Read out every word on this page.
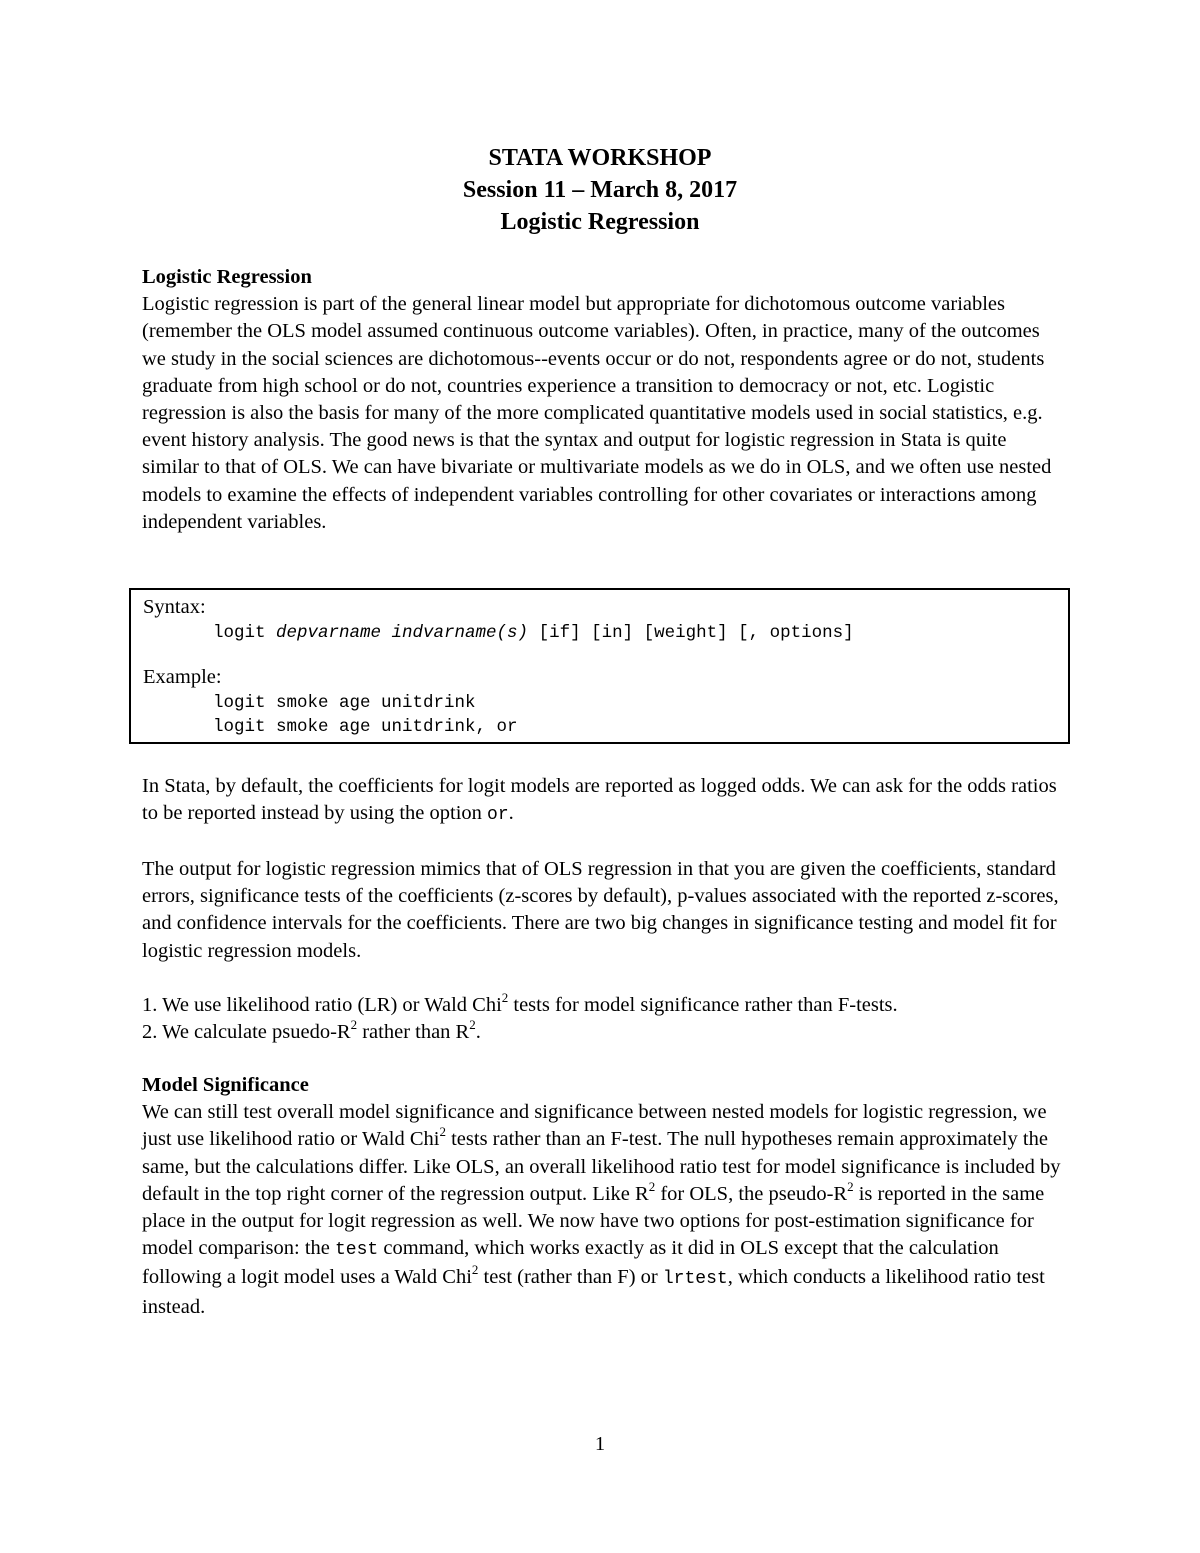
STATA WORKSHOP
Session 11 – March 8, 2017
Logistic Regression
Logistic Regression

Logistic regression is part of the general linear model but appropriate for dichotomous outcome variables (remember the OLS model assumed continuous outcome variables). Often, in practice, many of the outcomes we study in the social sciences are dichotomous--events occur or do not, respondents agree or do not, students graduate from high school or do not, countries experience a transition to democracy or not, etc. Logistic regression is also the basis for many of the more complicated quantitative models used in social statistics, e.g. event history analysis. The good news is that the syntax and output for logistic regression in Stata is quite similar to that of OLS. We can have bivariate or multivariate models as we do in OLS, and we often use nested models to examine the effects of independent variables controlling for other covariates or interactions among independent variables.

Syntax:
logit depvarname indvarname(s) [if] [in] [weight] [, options]
Example:
logit smoke age unitdrink
logit smoke age unitdrink, or

In Stata, by default, the coefficients for logit models are reported as logged odds. We can ask for the odds ratios to be reported instead by using the option or.

The output for logistic regression mimics that of OLS regression in that you are given the coefficients, standard errors, significance tests of the coefficients (z-scores by default), p-values associated with the reported z-scores, and confidence intervals for the coefficients. There are two big changes in significance testing and model fit for logistic regression models.

1. We use likelihood ratio (LR) or Wald Chi$^2$ tests for model significance rather than F-tests.

2. We calculate psuedo-$R^2$ rather than $R^2$.

Model Significance

We can still test overall model significance and significance between nested models for logistic regression, we just use likelihood ratio or Wald Chi$^2$ tests rather than an F-test. The null hypotheses remain approximately the same, but the calculations differ. Like OLS, an overall likelihood ratio test for model significance is included by default in the top right corner of the regression output. Like $R^2$ for OLS, the pseudo-$R^2$ is reported in the same place in the output for logit regression as well. We now have two options for post-estimation significance for model comparison: the test command, which works exactly as it did in OLS except that the calculation following a logit model uses a Wald Chi$^2$ test (rather than F) or lrtest, which conducts a likelihood ratio test instead.

1
